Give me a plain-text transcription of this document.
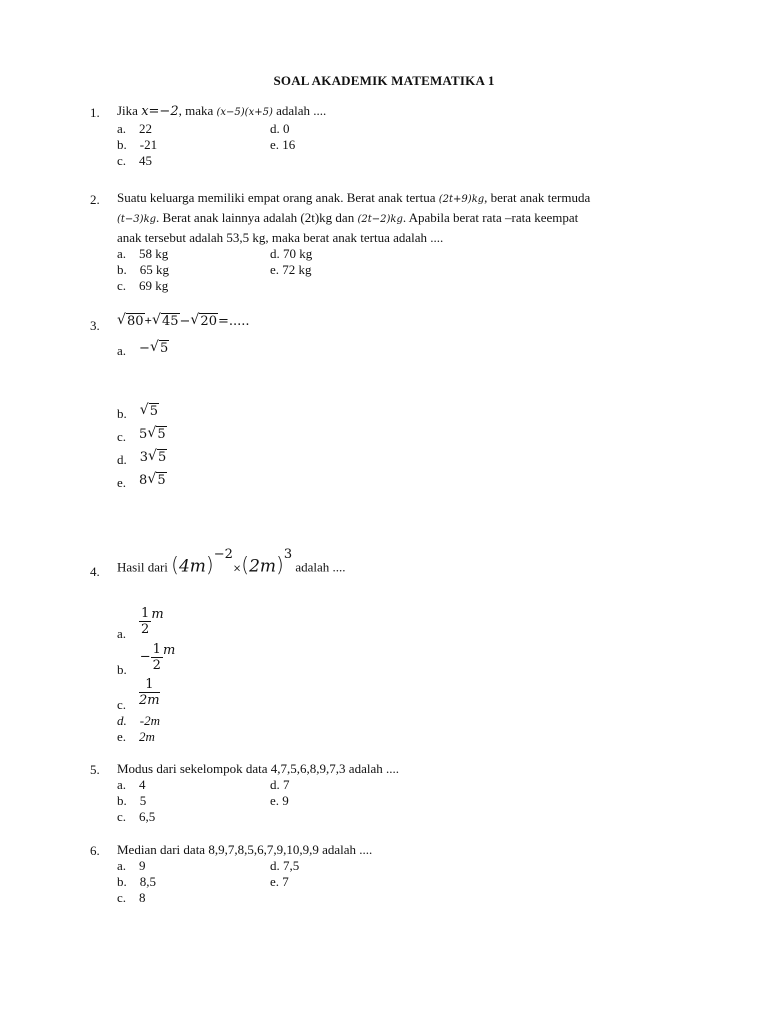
SOAL AKADEMIK MATEMATIKA 1
1. Jika x=−2, maka (x−5)(x+5) adalah ....
a. 22
b. -21
c. 45
d. 0
e. 16
2. Suatu keluarga memiliki empat orang anak. Berat anak tertua (2t+9)kg, berat anak termuda
(t−3)kg. Berat anak lainnya adalah (2t)kg dan (2t−2)kg. Apabila berat rata –rata keempat
anak tersebut adalah 53,5 kg, maka berat anak tertua adalah ....
a. 58 kg
b. 65 kg
c. 69 kg
d. 70 kg
e. 72 kg
3. √ 80+ √ 45− √ 20=.....
a. − √ 5
b. √ 5
c. 5 √ 5
d. 3 √ 5
e. 8 √ 5
4. Hasil dari $(4m)^{-2}\times(2m)^3$ adalah ....
a. $\frac{1}{2}$ m
b.    − $\frac{1}{2}$ m
c. $\frac{1}{2m}$
d. -2m
e. 2m
5. Modus dari sekelompok data 4,7,5,6,8,9,7,3 adalah ....
a. 4
b. 5
c. 6,5
d. 7
e. 9
6. Median dari data 8,9,7,8,5,6,7,9,10,9,9 adalah ....
a. 9
b. 8,5
c. 8
d. 7,5
e. 7
